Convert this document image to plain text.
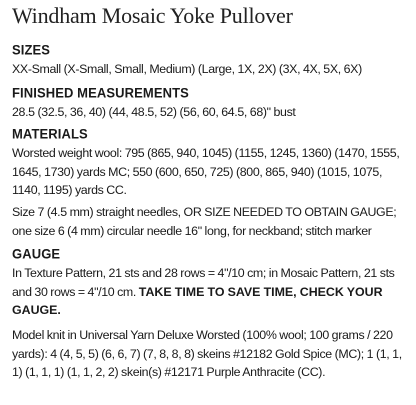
Windham Mosaic Yoke Pullover
SIZES

XX-Small (X-Small, Small, Medium) (Large, 1X, 2X) (3X, 4X, 5X, 6X)

FINISHED MEASUREMENTS

28.5 (32.5, 36, 40) (44, 48.5, 52) (56, 60, 64.5, 68)" bust

MATERIALS

Worsted weight wool: 795 (865, 940, 1045) (1155, 1245, 1360) (1470, 1555, 1645, 1730) yards MC; 550 (600, 650, 725) (800, 865, 940) (1015, 1075, 1140, 1195) yards CC.

Size 7 (4.5 mm) straight needles, OR SIZE NEEDED TO OBTAIN GAUGE; one size 6 (4 mm) circular needle 16" long, for neckband; stitch marker

GAUGE

In Texture Pattern, 21 sts and 28 rows = 4"/10 cm; in Mosaic Pattern, 21 sts and 30 rows = 4"/10 cm. TAKE TIME TO SAVE TIME, CHECK YOUR GAUGE.

Model knit in Universal Yarn Deluxe Worsted (100% wool; 100 grams / 220 yards): 4 (4, 5, 5) (6, 6, 7) (7, 8, 8, 8) skeins #12182 Gold Spice (MC); 1 (1, 1, 1) (1, 1, 1) (1, 1, 2, 2) skein(s) #12171 Purple Anthracite (CC).
